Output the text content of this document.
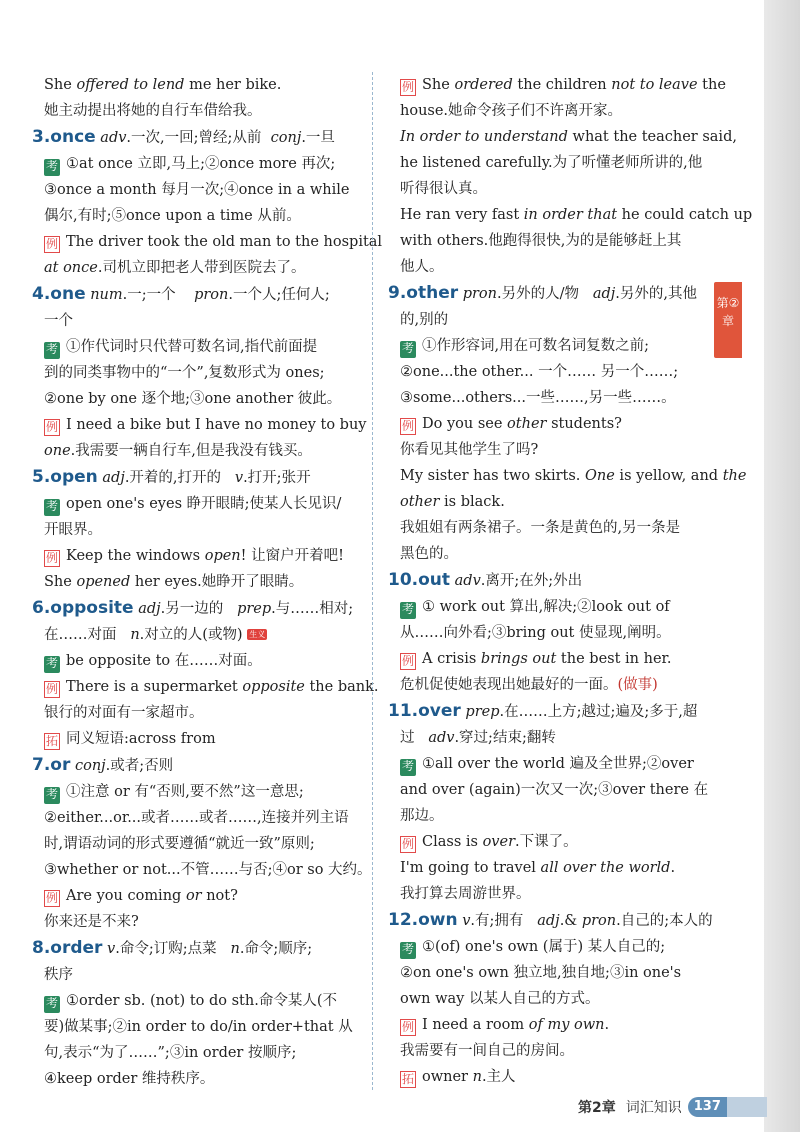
She offered to lend me her bike.
她主动提出将她的自行车借给我。
3.once adv.一次,一回;曾经;从前  conj.一旦
考 ①at once 立即,马上;②once more 再次;
③once a month 每月一次;④once in a while
偶尔,有时;⑤once upon a time 从前。
例 The driver took the old man to the hospital
at once.司机立即把老人带到医院去了。
4.one num.一;一个    pron.一个人;任何人;
一个
考 ①作代词时只代替可数名词,指代前面提
到的同类事物中的“一个”,复数形式为 ones;
②one by one 逐个地;③one another 彼此。
例 I need a bike but I have no money to buy
one.我需要一辆自行车,但是我没有钱买。
5.open adj.开着的,打开的   v.打开;张开
考 open one's eyes 睁开眼睛;使某人长见识/
开眼界。
例 Keep the windows open! 让窗户开着吧!
She opened her eyes.她睁开了眼睛。
6.opposite adj.另一边的   prep.与……相对;
在……对面   n.对立的人(或物) 生义
考 be opposite to 在……对面。
例 There is a supermarket opposite the bank.
银行的对面有一家超市。
拓 同义短语:across from
7.or conj.或者;否则
考 ①注意 or 有“否则,要不然”这一意思;
②either...or...或者……或者……,连接并列主语
时,谓语动词的形式要遵循“就近一致”原则;
③whether or not...不管……与否;④or so 大约。
例 Are you coming or not?
你来还是不来?
8.order v.命令;订购;点菜   n.命令;顺序;
秩序
考 ①order sb. (not) to do sth.命令某人(不
要)做某事;②in order to do/in order+that 从
句,表示“为了……”;③in order 按顺序;
④keep order 维持秩序。
例 She ordered the children not to leave the
house.她命令孩子们不许离开家。
In order to understand what the teacher said,
he listened carefully.为了听懂老师所讲的,他
听得很认真。
He ran very fast in order that he could catch up
with others.他跑得很快,为的是能够赶上其
他人。
9.other pron.另外的人/物   adj.另外的,其他
的,别的
考 ①作形容词,用在可数名词复数之前;
②one...the other... 一个…… 另一个……;
③some...others...一些……,另一些……。
例 Do you see other students?
你看见其他学生了吗?
My sister has two skirts. One is yellow, and the
other is black.
我姐姐有两条裙子。一条是黄色的,另一条是
黑色的。
10.out adv.离开;在外;外出
考 ① work out 算出,解决;②look out of
从……向外看;③bring out 使显现,阐明。
例 A crisis brings out the best in her.
危机促使她表现出她最好的一面。(做事)
11.over prep.在……上方;越过;遍及;多于,超
过   adv.穿过;结束;翻转
考 ①all over the world 遍及全世界;②over
and over (again)一次又一次;③over there 在
那边。
例 Class is over.下课了。
I'm going to travel all over the world.
我打算去周游世界。
12.own v.有;拥有   adj.& pron.自己的;本人的
考 ①(of) one's own (属于) 某人自己的;
②on one's own 独立地,独自地;③in one's
own way 以某人自己的方式。
例 I need a room of my own.
我需要有一间自己的房间。
拓 owner n.主人
第②章
第2章 词汇知识 137
